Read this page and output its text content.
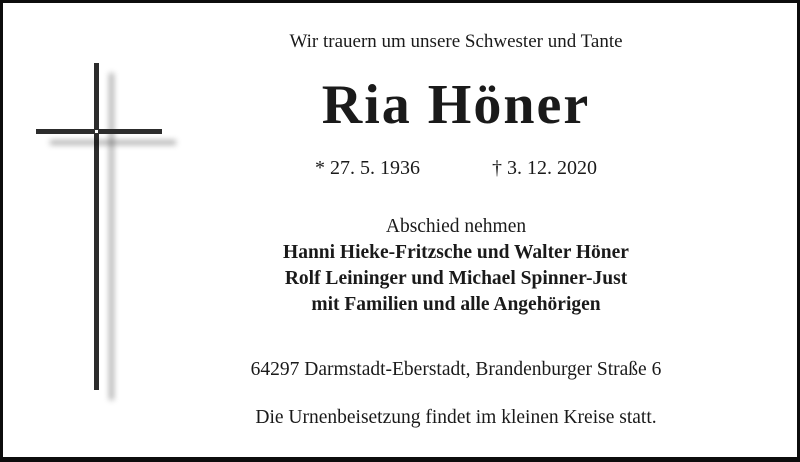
Wir trauern um unsere Schwester und Tante
Ria Höner
* 27. 5. 1936	† 3. 12. 2020
Abschied nehmen
Hanni Hieke-Fritzsche und Walter Höner
Rolf Leininger und Michael Spinner-Just
mit Familien und alle Angehörigen
64297 Darmstadt-Eberstadt, Brandenburger Straße 6
Die Urnenbeisetzung findet im kleinen Kreise statt.
